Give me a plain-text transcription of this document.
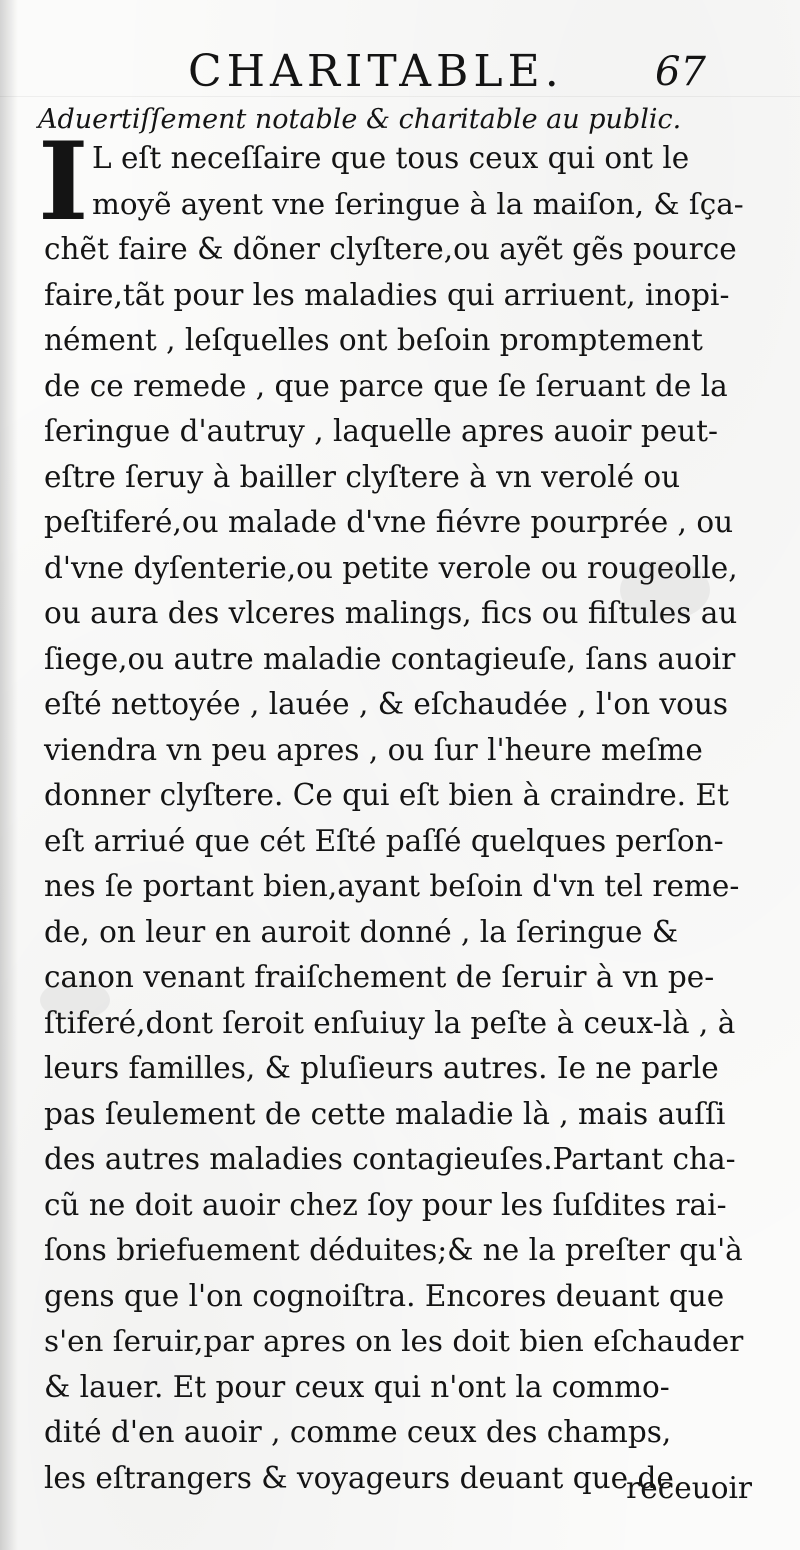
CHARITABLE. 67
Aduertiſſement notable & charitable au public.
I L eſt neceſſaire que tous ceux qui ont le
moyẽ ayent vne ſeringue à la maiſon, & ſça-
chẽt faire & dõner clyſtere,ou ayẽt gẽs pource
faire,tãt pour les maladies qui arriuent, inopi-
nément , leſquelles ont beſoin promptement
de ce remede , que parce que ſe ſeruant de la
ſeringue d'autruy , laquelle apres auoir peut-
eſtre ſeruy à bailler clyſtere à vn verolé ou
peſtiferé,ou malade d'vne fiévre pourprée , ou
d'vne dyſenterie,ou petite verole ou rougeolle,
ou aura des vlceres malings, fics ou fiſtules au
ſiege,ou autre maladie contagieuſe, ſans auoir
eſté nettoyée , lauée , & eſchaudée , l'on vous
viendra vn peu apres , ou ſur l'heure meſme
donner clyſtere. Ce qui eſt bien à craindre. Et
eſt arriué que cét Eſté paſſé quelques perſon-
nes ſe portant bien,ayant beſoin d'vn tel reme-
de, on leur en auroit donné , la ſeringue &
canon venant fraiſchement de ſeruir à vn pe-
ſtiferé,dont ſeroit enſuiuy la peſte à ceux-là , à
leurs familles, & pluſieurs autres. Ie ne parle
pas ſeulement de cette maladie là , mais auſſi
des autres maladies contagieuſes.Partant cha-
cũ ne doit auoir chez ſoy pour les ſuſdites rai-
ſons briefuement déduites;& ne la preſter qu'à
gens que l'on cognoiſtra. Encores deuant que
s'en ſeruir,par apres on les doit bien eſchauder
& lauer. Et pour ceux qui n'ont la commo-
dité d'en auoir , comme ceux des champs,
les eſtrangers & voyageurs deuant que de
receuoir
